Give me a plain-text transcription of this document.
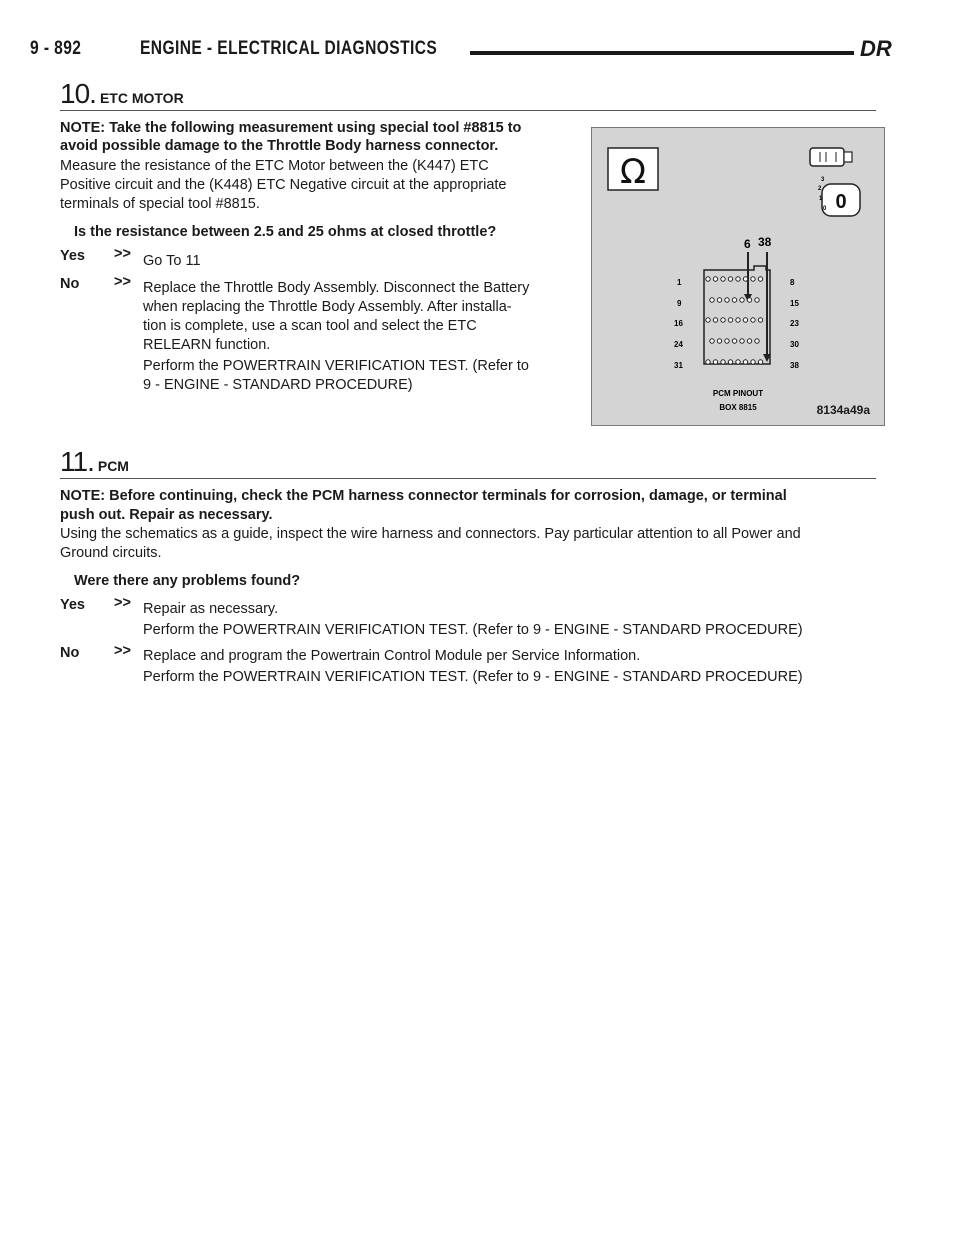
9 - 892	ENGINE - ELECTRICAL DIAGNOSTICS	DR
10. ETC MOTOR
NOTE: Take the following measurement using special tool #8815 to
avoid possible damage to the Throttle Body harness connector.
Measure the resistance of the ETC Motor between the (K447) ETC
Positive circuit and the (K448) ETC Negative circuit at the appropriate
terminals of special tool #8815.
Is the resistance between 2.5 and 25 ohms at closed throttle?
Yes >> Go To 11
No >> Replace the Throttle Body Assembly. Disconnect the Battery
when replacing the Throttle Body Assembly. After installa-
tion is complete, use a scan tool and select the ETC
RELEARN function.
Perform the POWERTRAIN VERIFICATION TEST. (Refer to
9 - ENGINE - STANDARD PROCEDURE)
Ω
0
3
2
1
0
6 38
1
9
16
24
31
8
15
23
30
38
PCM PINOUT
BOX 8815	8134a49a
11. PCM
NOTE: Before continuing, check the PCM harness connector terminals for corrosion, damage, or terminal
push out. Repair as necessary.
Using the schematics as a guide, inspect the wire harness and connectors. Pay particular attention to all Power and
Ground circuits.
Were there any problems found?
Yes >> Repair as necessary.
Perform the POWERTRAIN VERIFICATION TEST. (Refer to 9 - ENGINE - STANDARD PROCEDURE)
No >> Replace and program the Powertrain Control Module per Service Information.
Perform the POWERTRAIN VERIFICATION TEST. (Refer to 9 - ENGINE - STANDARD PROCEDURE)
